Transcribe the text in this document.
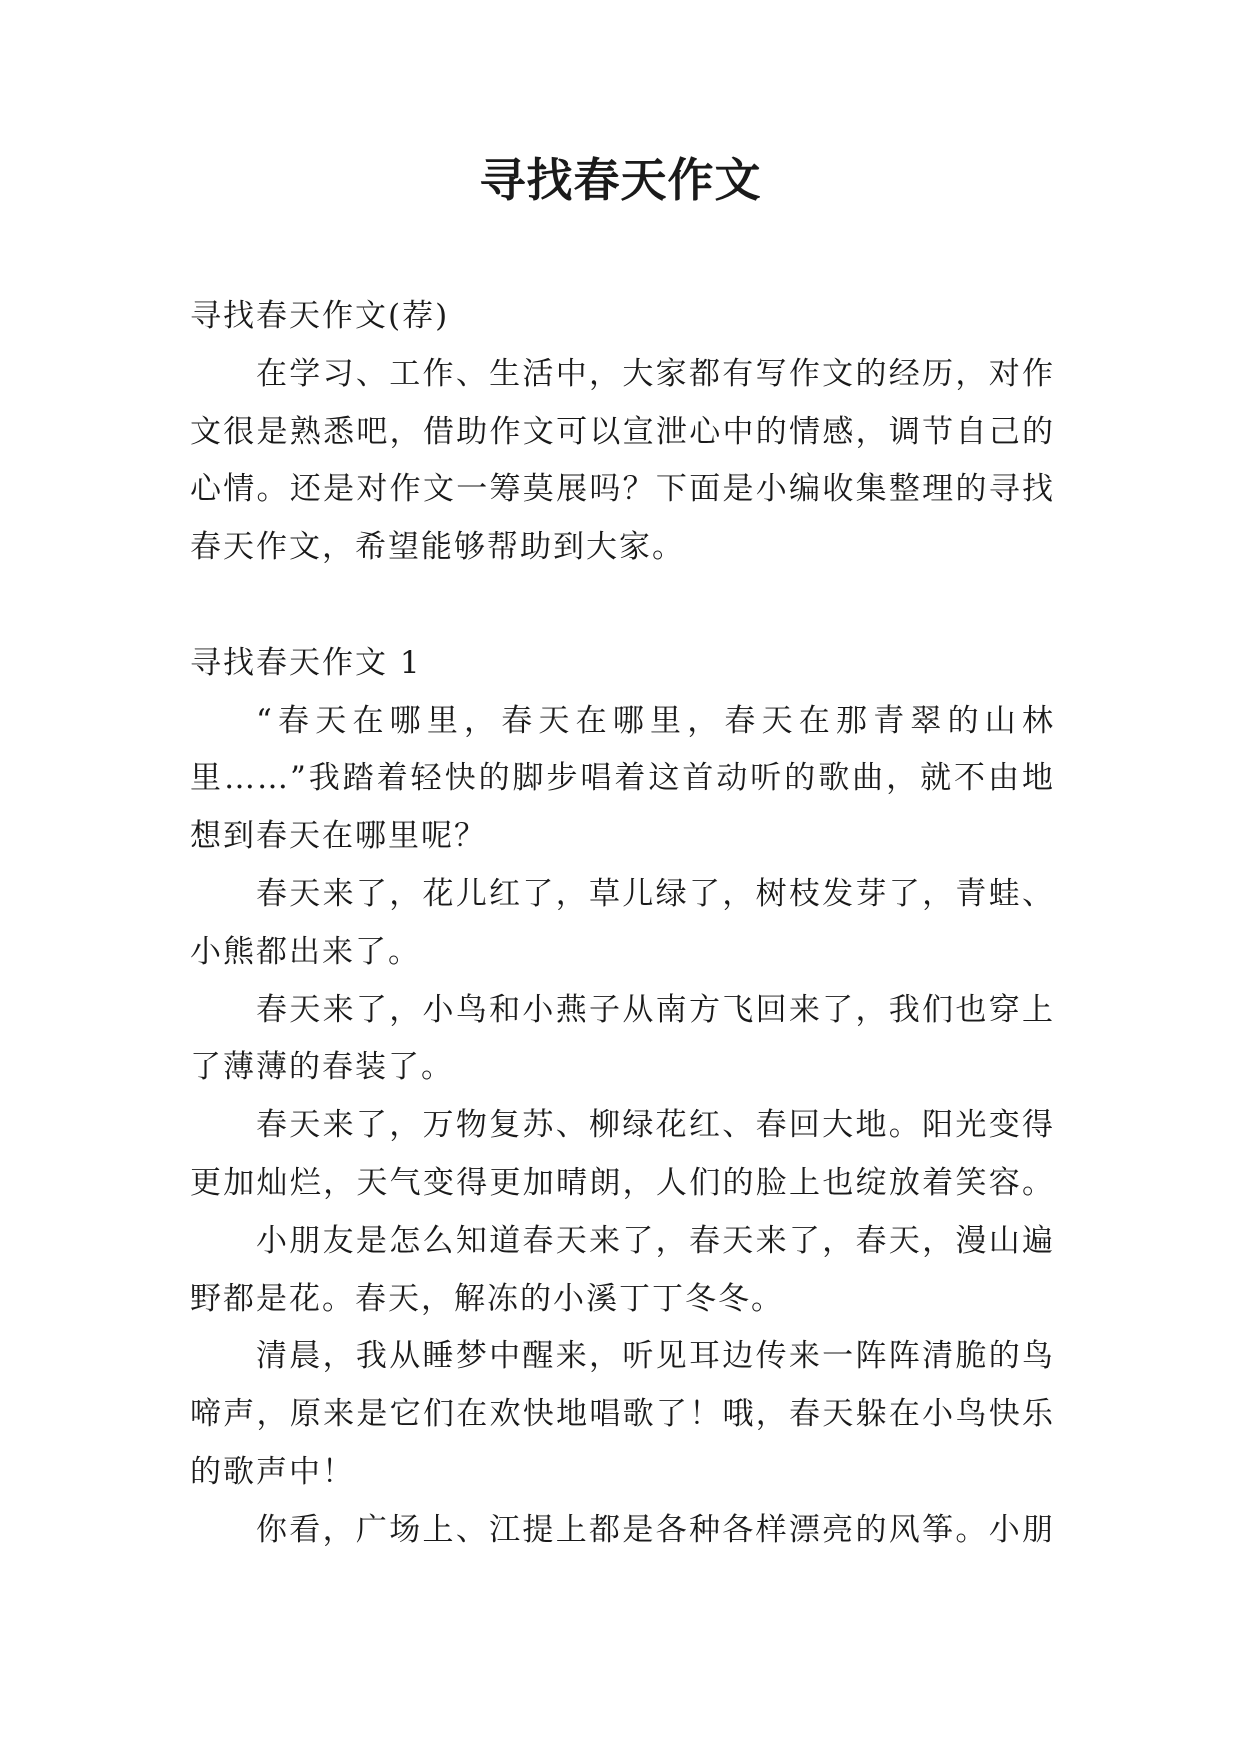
寻找春天作文
寻找春天作文(荐)
在学习、工作、生活中，大家都有写作文的经历，对作
文很是熟悉吧，借助作文可以宣泄心中的情感，调节自己的
心情。还是对作文一筹莫展吗？下面是小编收集整理的寻找
春天作文，希望能够帮助到大家。
寻找春天作文 1
“春天在哪里，春天在哪里，春天在那青翠的山林
里……”我踏着轻快的脚步唱着这首动听的歌曲，就不由地
想到春天在哪里呢？
春天来了，花儿红了，草儿绿了，树枝发芽了，青蛙、
小熊都出来了。
春天来了，小鸟和小燕子从南方飞回来了，我们也穿上
了薄薄的春装了。
春天来了，万物复苏、柳绿花红、春回大地。阳光变得
更加灿烂，天气变得更加晴朗，人们的脸上也绽放着笑容。
小朋友是怎么知道春天来了，春天来了，春天，漫山遍
野都是花。春天，解冻的小溪丁丁冬冬。
清晨，我从睡梦中醒来，听见耳边传来一阵阵清脆的鸟
啼声，原来是它们在欢快地唱歌了！哦，春天躲在小鸟快乐
的歌声中！
你看，广场上、江提上都是各种各样漂亮的风筝。小朋
